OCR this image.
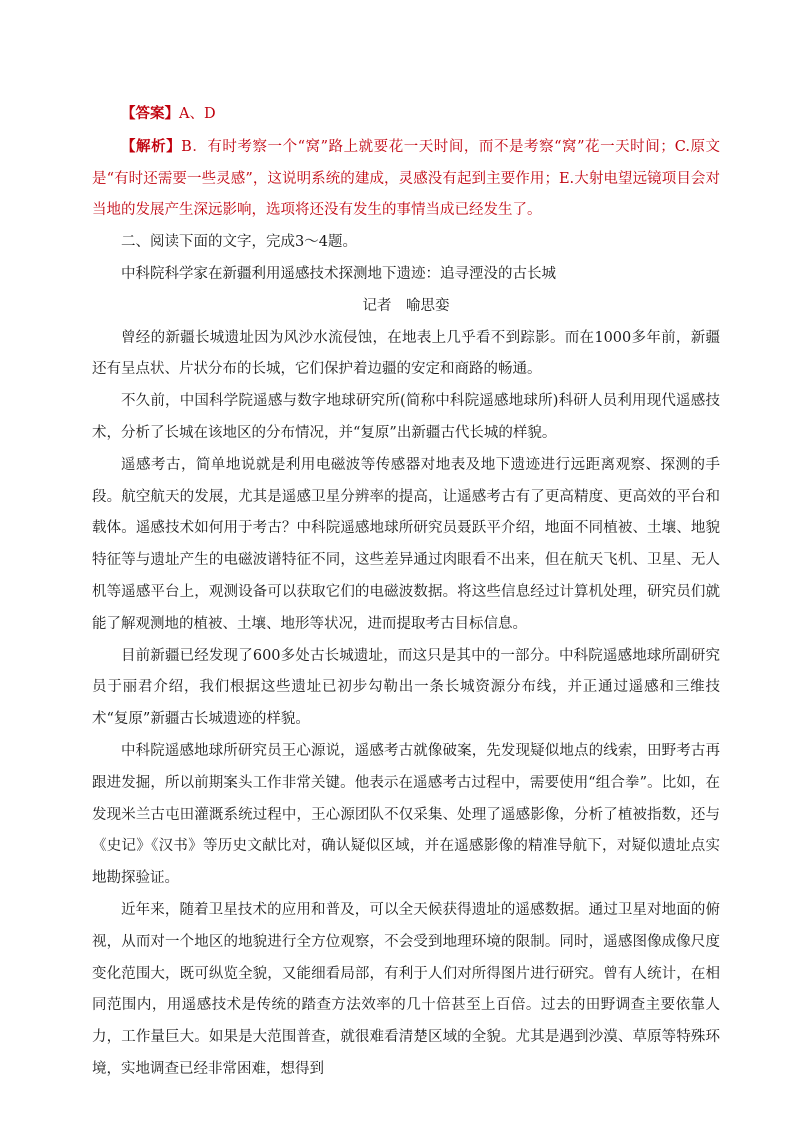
【答案】A、D

【解析】B．有时考察一个“窝”路上就要花一天时间，而不是考察“窝”花一天时间；C.原文是“有时还需要一些灵感”，这说明系统的建成，灵感没有起到主要作用；E.大射电望远镜项目会对当地的发展产生深远影响，选项将还没有发生的事情当成已经发生了。

二、阅读下面的文字，完成3～4题。

中科院科学家在新疆利用遥感技术探测地下遗迹：追寻湮没的古长城

记者　喻思娈

曾经的新疆长城遗址因为风沙水流侵蚀，在地表上几乎看不到踪影。而在1000多年前，新疆还有呈点状、片状分布的长城，它们保护着边疆的安定和商路的畅通。

不久前，中国科学院遥感与数字地球研究所(简称中科院遥感地球所)科研人员利用现代遥感技术，分析了长城在该地区的分布情况，并“复原”出新疆古代长城的样貌。

遥感考古，简单地说就是利用电磁波等传感器对地表及地下遗迹进行远距离观察、探测的手段。航空航天的发展，尤其是遥感卫星分辨率的提高，让遥感考古有了更高精度、更高效的平台和载体。遥感技术如何用于考古？中科院遥感地球所研究员聂跃平介绍，地面不同植被、土壤、地貌特征等与遗址产生的电磁波谱特征不同，这些差异通过肉眼看不出来，但在航天飞机、卫星、无人机等遥感平台上，观测设备可以获取它们的电磁波数据。将这些信息经过计算机处理，研究员们就能了解观测地的植被、土壤、地形等状况，进而提取考古目标信息。

目前新疆已经发现了600多处古长城遗址，而这只是其中的一部分。中科院遥感地球所副研究员于丽君介绍，我们根据这些遗址已初步勾勒出一条长城资源分布线，并正通过遥感和三维技术“复原”新疆古长城遗迹的样貌。

中科院遥感地球所研究员王心源说，遥感考古就像破案，先发现疑似地点的线索，田野考古再跟进发掘，所以前期案头工作非常关键。他表示在遥感考古过程中，需要使用“组合拳”。比如，在发现米兰古屯田灌溉系统过程中，王心源团队不仅采集、处理了遥感影像，分析了植被指数，还与《史记》《汉书》等历史文献比对，确认疑似区域，并在遥感影像的精准导航下，对疑似遗址点实地勘探验证。

近年来，随着卫星技术的应用和普及，可以全天候获得遗址的遥感数据。通过卫星对地面的俯视，从而对一个地区的地貌进行全方位观察，不会受到地理环境的限制。同时，遥感图像成像尺度变化范围大，既可纵览全貌，又能细看局部，有利于人们对所得图片进行研究。曾有人统计，在相同范围内，用遥感技术是传统的踏查方法效率的几十倍甚至上百倍。过去的田野调查主要依靠人力，工作量巨大。如果是大范围普查，就很难看清楚区域的全貌。尤其是遇到沙漠、草原等特殊环境，实地调查已经非常困难，想得到
